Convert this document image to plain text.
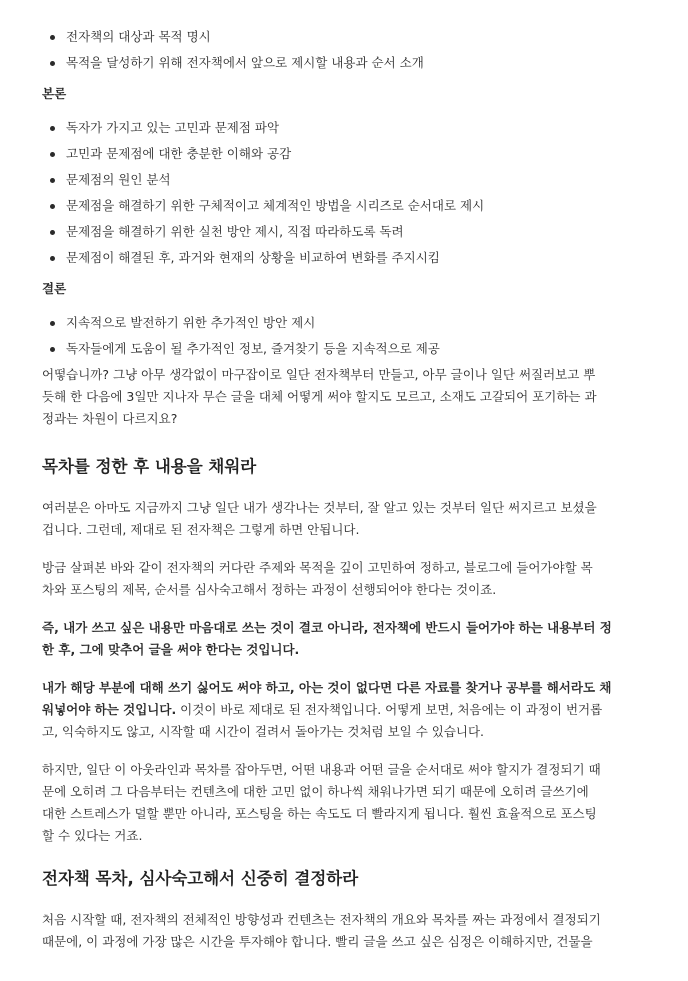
전자책의 대상과 목적 명시
목적을 달성하기 위해 전자책에서 앞으로 제시할 내용과 순서 소개
본론
독자가 가지고 있는 고민과 문제점 파악
고민과 문제점에 대한 충분한 이해와 공감
문제점의 원인 분석
문제점을 해결하기 위한 구체적이고 체계적인 방법을 시리즈로 순서대로 제시
문제점을 해결하기 위한 실천 방안 제시, 직접 따라하도록 독려
문제점이 해결된 후, 과거와 현재의 상황을 비교하여 변화를 주지시킴
결론
지속적으로 발전하기 위한 추가적인 방안 제시
독자들에게 도움이 될 추가적인 정보, 즐겨찾기 등을 지속적으로 제공
어떻습니까? 그냥 아무 생각없이 마구잡이로 일단 전자책부터 만들고, 아무 글이나 일단 써질러보고 뿌
듯해 한 다음에 3일만 지나자 무슨 글을 대체 어떻게 써야 할지도 모르고, 소재도 고갈되어 포기하는 과
정과는 차원이 다르지요?
목차를 정한 후 내용을 채워라
여러분은 아마도 지금까지 그냥 일단 내가 생각나는 것부터, 잘 알고 있는 것부터 일단 써지르고 보셨을
겁니다. 그런데, 제대로 된 전자책은 그렇게 하면 안됩니다.
방금 살펴본 바와 같이 전자책의 커다란 주제와 목적을 깊이 고민하여 정하고, 블로그에 들어가야할 목
차와 포스팅의 제목, 순서를 심사숙고해서 정하는 과정이 선행되어야 한다는 것이죠.
즉, 내가 쓰고 싶은 내용만 마음대로 쓰는 것이 결코 아니라, 전자책에 반드시 들어가야 하는 내용부터 정
한 후, 그에 맞추어 글을 써야 한다는 것입니다.
내가 해당 부분에 대해 쓰기 싫어도 써야 하고, 아는 것이 없다면 다른 자료를 찾거나 공부를 해서라도 채
워넣어야 하는 것입니다. 이것이 바로 제대로 된 전자책입니다. 어떻게 보면, 처음에는 이 과정이 번거롭
고, 익숙하지도 않고, 시작할 때 시간이 걸려서 돌아가는 것처럼 보일 수 있습니다.
하지만, 일단 이 아웃라인과 목차를 잡아두면, 어떤 내용과 어떤 글을 순서대로 써야 할지가 결정되기 때
문에 오히려 그 다음부터는 컨텐츠에 대한 고민 없이 하나씩 채워나가면 되기 때문에 오히려 글쓰기에
대한 스트레스가 덜할 뿐만 아니라, 포스팅을 하는 속도도 더 빨라지게 됩니다. 훨씬 효율적으로 포스팅
할 수 있다는 거죠.
전자책 목차, 심사숙고해서 신중히 결정하라
처음 시작할 때, 전자책의 전체적인 방향성과 컨텐츠는 전자책의 개요와 목차를 짜는 과정에서 결정되기
때문에, 이 과정에 가장 많은 시간을 투자해야 합니다. 빨리 글을 쓰고 싶은 심정은 이해하지만, 건물을
